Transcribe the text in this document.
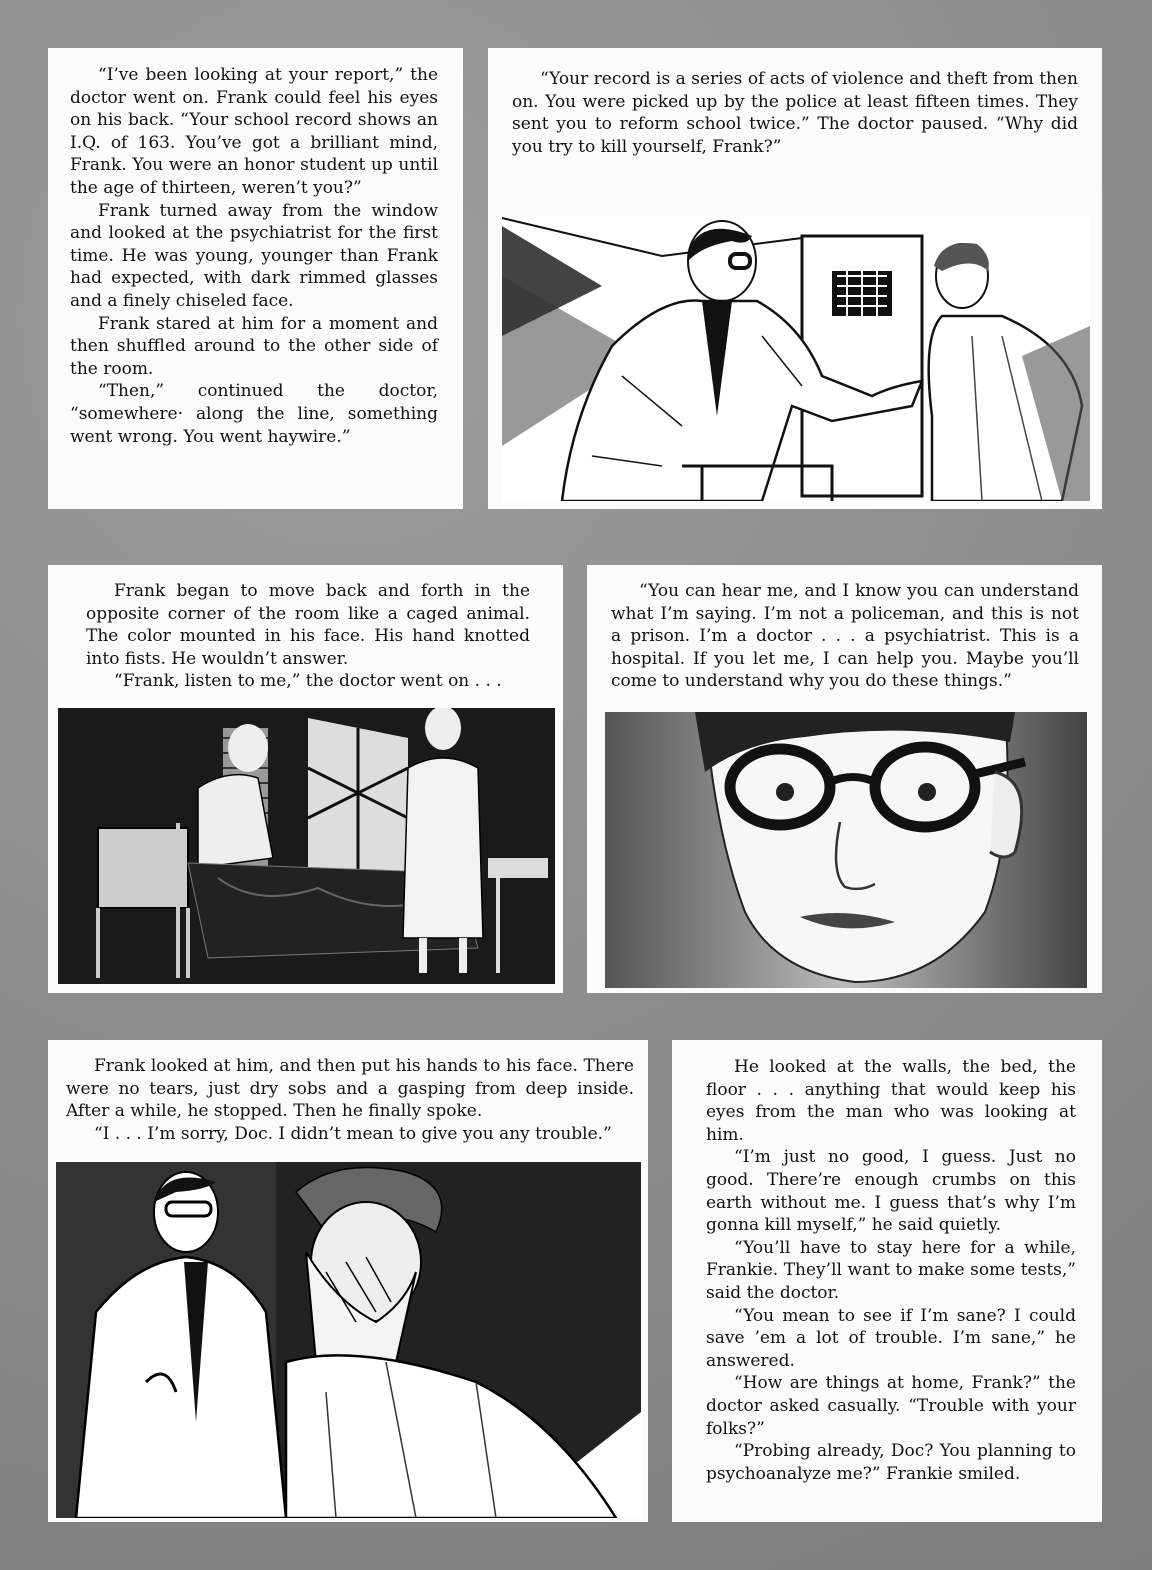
“I’ve been looking at your report,” the doctor went on. Frank could feel his eyes on his back. “Your school record shows an I.Q. of 163. You’ve got a brilliant mind, Frank. You were an honor student up until the age of thirteen, weren’t you?”

Frank turned away from the window and looked at the psychiatrist for the first time. He was young, younger than Frank had expected, with dark rimmed glasses and a finely chiseled face.

Frank stared at him for a moment and then shuffled around to the other side of the room.

“Then,” continued the doctor, “somewhere· along the line, something went wrong. You went haywire.”

“Your record is a series of acts of violence and theft from then on. You were picked up by the police at least fifteen times. They sent you to reform school twice.” The doctor paused. “Why did you try to kill yourself, Frank?”

Frank began to move back and forth in the opposite corner of the room like a caged animal. The color mounted in his face. His hand knotted into fists. He wouldn’t answer.

“Frank, listen to me,” the doctor went on . . .

“You can hear me, and I know you can understand what I’m saying. I’m not a policeman, and this is not a prison. I’m a doctor . . . a psychiatrist. This is a hospital. If you let me, I can help you. Maybe you’ll come to understand why you do these things.”

Frank looked at him, and then put his hands to his face. There were no tears, just dry sobs and a gasping from deep inside. After a while, he stopped. Then he finally spoke.

“I . . . I’m sorry, Doc. I didn’t mean to give you any trouble.”

He looked at the walls, the bed, the floor . . . anything that would keep his eyes from the man who was looking at him.

“I’m just no good, I guess. Just no good. There’re enough crumbs on this earth without me. I guess that’s why I’m gonna kill myself,” he said quietly.

“You’ll have to stay here for a while, Frankie. They’ll want to make some tests,” said the doctor.

“You mean to see if I’m sane? I could save ’em a lot of trouble. I’m sane,” he answered.

“How are things at home, Frank?” the doctor asked casually. “Trouble with your folks?”

“Probing already, Doc? You planning to psychoanalyze me?” Frankie smiled.
